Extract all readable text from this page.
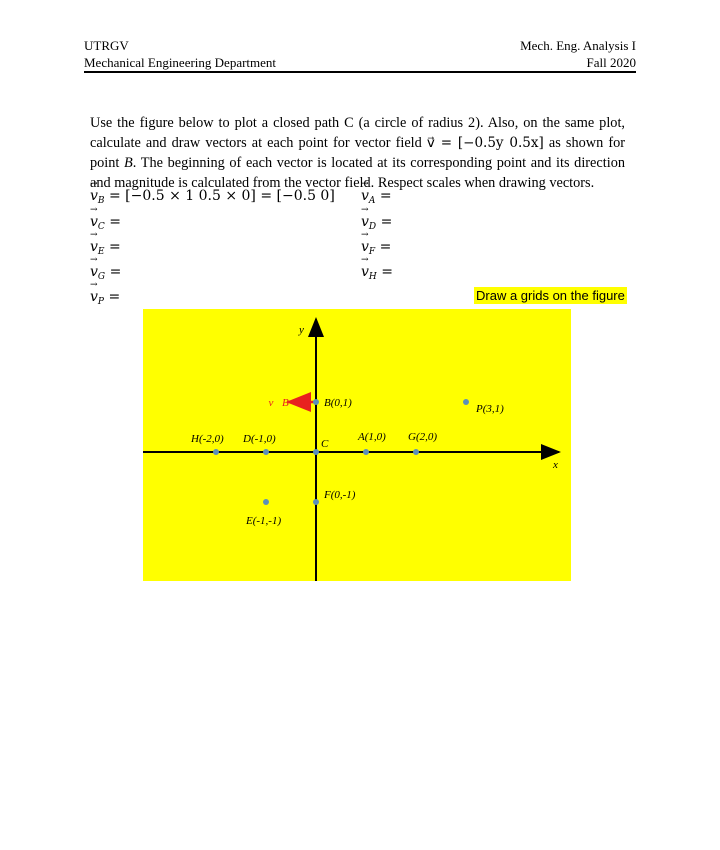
UTRGV
Mechanical Engineering Department
Mech. Eng. Analysis I
Fall 2020
Use the figure below to plot a closed path C (a circle of radius 2). Also, on the same plot, calculate and draw vectors at each point for vector field v⃗ = [−0.5y 0.5x] as shown for point B. The beginning of each vector is located at its corresponding point and its direction and magnitude is calculated from the vector field. Respect scales when drawing vectors.
→ $v_B = [-0.5 \times 1$ 0.5 × 0] = [−0.5 0]
→ $v_A$ =
→ $v_C$ =
→	$v_D$ =
→ $v_E$ =
→	$v_F$ =
→ $v_G$ =
→	$v_H$ =
→ $v_P$ =	Draw a grids on the figure
x
y
v⃗B	B(0,1)	P(3,1)
H(-2,0) D(-1,0)	C
A(1,0) G(2,0)
F(0,-1)
E(-1,-1)
